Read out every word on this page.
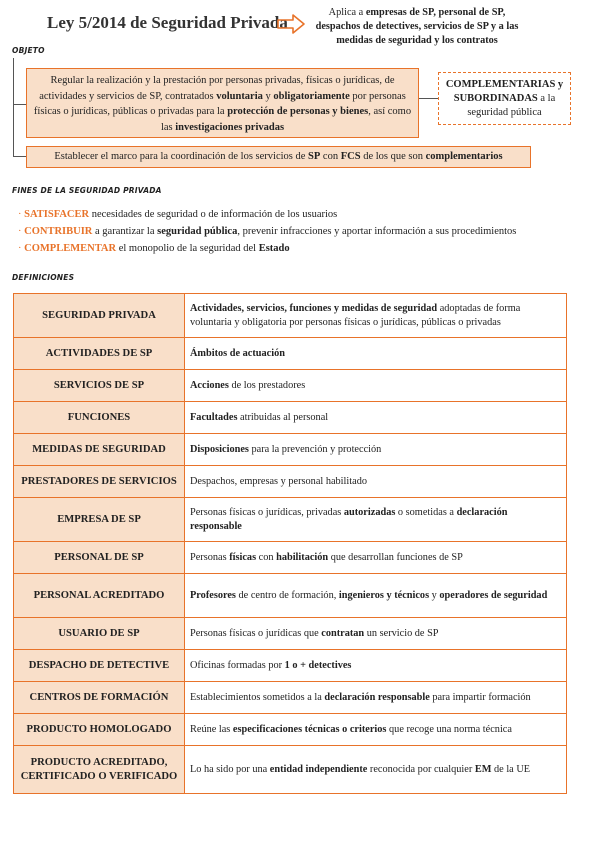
Ley 5/2014 de Seguridad Privada
Aplica a empresas de SP, personal de SP, despachos de detectives, servicios de SP y a las medidas de seguridad y los contratos
OBJETO
Regular la realización y la prestación por personas privadas, físicas o jurídicas, de actividades y servicios de SP, contratados voluntaria y obligatoriamente por personas físicas o jurídicas, públicas o privadas para la protección de personas y bienes, así como las investigaciones privadas
COMPLEMENTARIAS y SUBORDINADAS a la seguridad pública
Establecer el marco para la coordinación de los servicios de SP con FCS de los que son complementarios
FINES DE LA SEGURIDAD PRIVADA
· SATISFACER necesidades de seguridad o de información de los usuarios
· CONTRIBUIR a garantizar la seguridad pública, prevenir infracciones y aportar información a sus procedimientos
· COMPLEMENTAR el monopolio de la seguridad del Estado
DEFINICIONES
SEGURIDAD PRIVADA	Actividades, servicios, funciones y medidas de seguridad adoptadas de forma voluntaria y obligatoria por personas físicas o jurídicas, públicas o privadas
ACTIVIDADES DE SP	Ámbitos de actuación
SERVICIOS DE SP	Acciones de los prestadores
FUNCIONES	Facultades atribuidas al personal
MEDIDAS DE SEGURIDAD	Disposiciones para la prevención y protección
PRESTADORES DE SERVICIOS	Despachos, empresas y personal habilitado
EMPRESA DE SP	Personas físicas o jurídicas, privadas autorizadas o sometidas a declaración responsable
PERSONAL DE SP	Personas físicas con habilitación que desarrollan funciones de SP
PERSONAL ACREDITADO	Profesores de centro de formación, ingenieros y técnicos y operadores de seguridad
USUARIO DE SP	Personas físicas o jurídicas que contratan un servicio de SP
DESPACHO DE DETECTIVE	Oficinas formadas por 1 o + detectives
CENTROS DE FORMACIÓN	Establecimientos sometidos a la declaración responsable para impartir formación
PRODUCTO HOMOLOGADO	Reúne las especificaciones técnicas o criterios que recoge una norma técnica
PRODUCTO ACREDITADO, CERTIFICADO O VERIFICADO	Lo ha sido por una entidad independiente reconocida por cualquier EM de la UE
